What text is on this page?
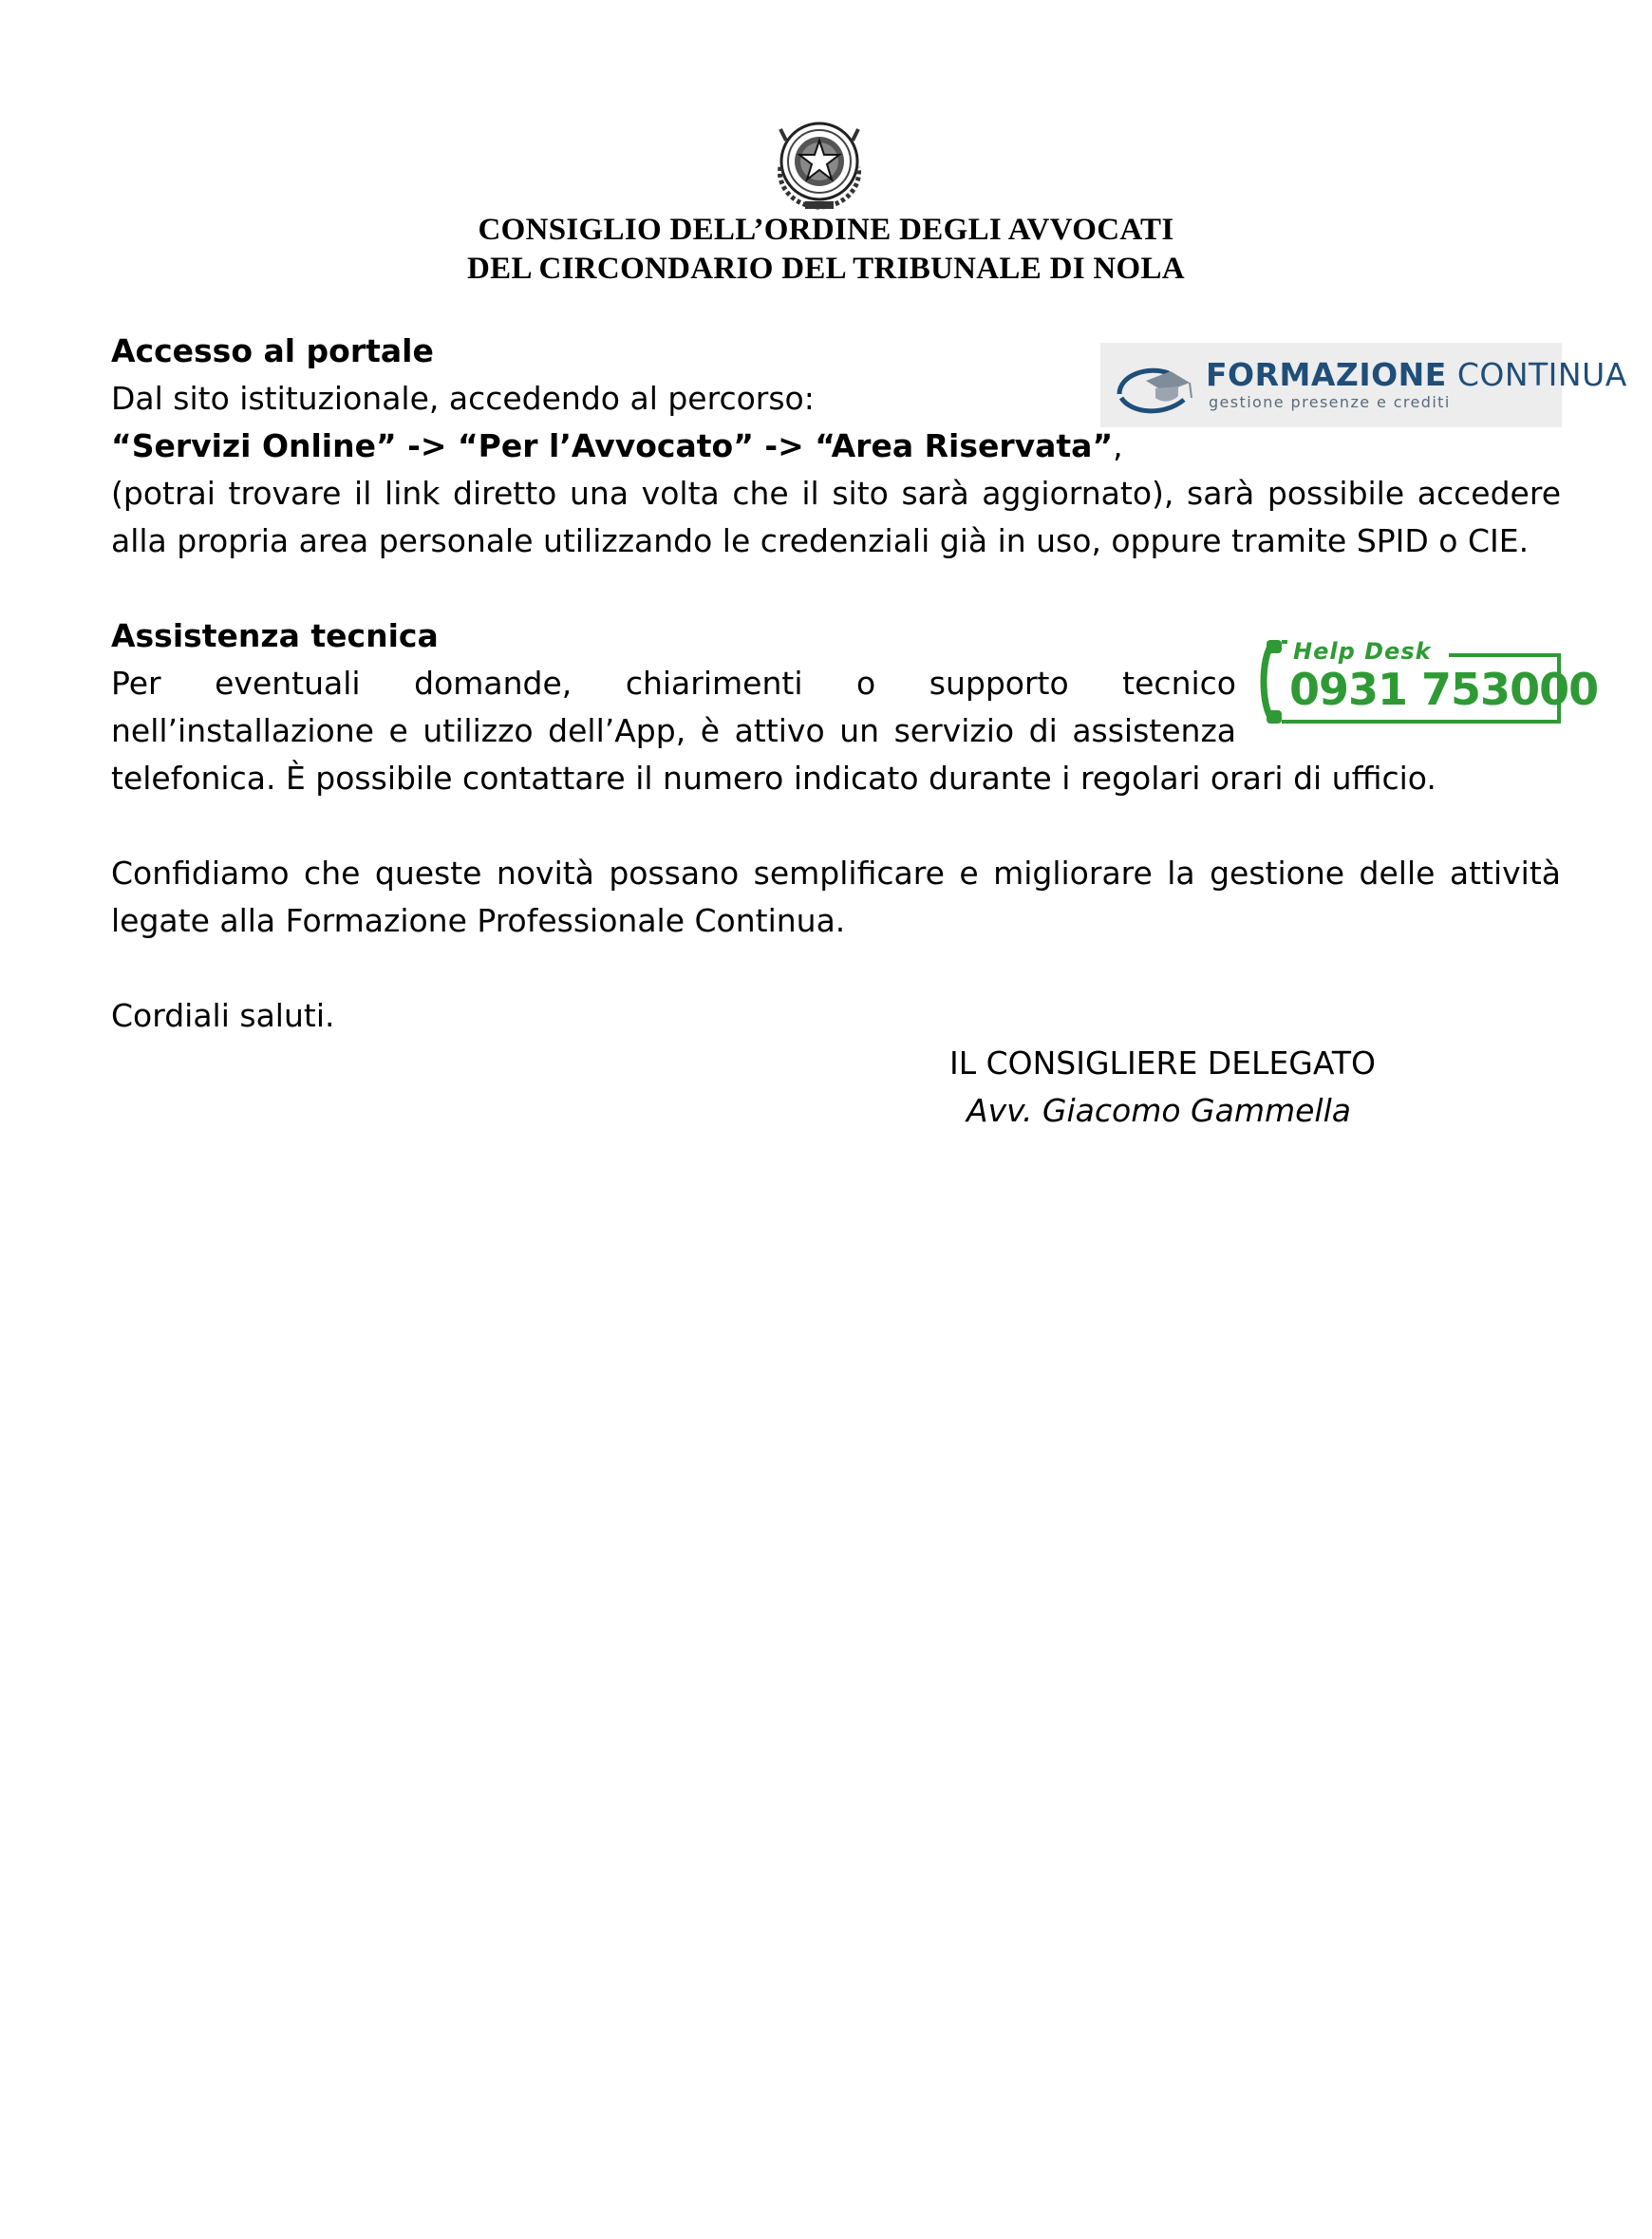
CONSIGLIO DELL’ORDINE DEGLI AVVOCATI
DEL CIRCONDARIO DEL TRIBUNALE DI NOLA
FORMAZIONE CONTINUA
gestione presenze e crediti

Accesso al portale

Dal sito istituzionale, accedendo al percorso:

“Servizi Online” -> “Per l’Avvocato” -> “Area Riservata”,

(potrai trovare il link diretto una volta che il sito sarà aggiornato), sarà possibile accedere alla propria area personale utilizzando le credenziali già in uso, oppure tramite SPID o CIE.

Help Desk
0931 753000

Assistenza tecnica

Per eventuali domande, chiarimenti o supporto tecnico nell’installazione e utilizzo dell’App, è attivo un servizio di assistenza

telefonica. È possibile contattare il numero indicato durante i regolari orari di ufficio.

Confidiamo che queste novità possano semplificare e migliorare la gestione delle attività legate alla Formazione Professionale Continua.

Cordiali saluti.

IL CONSIGLIERE DELEGATO

Avv. Giacomo Gammella
